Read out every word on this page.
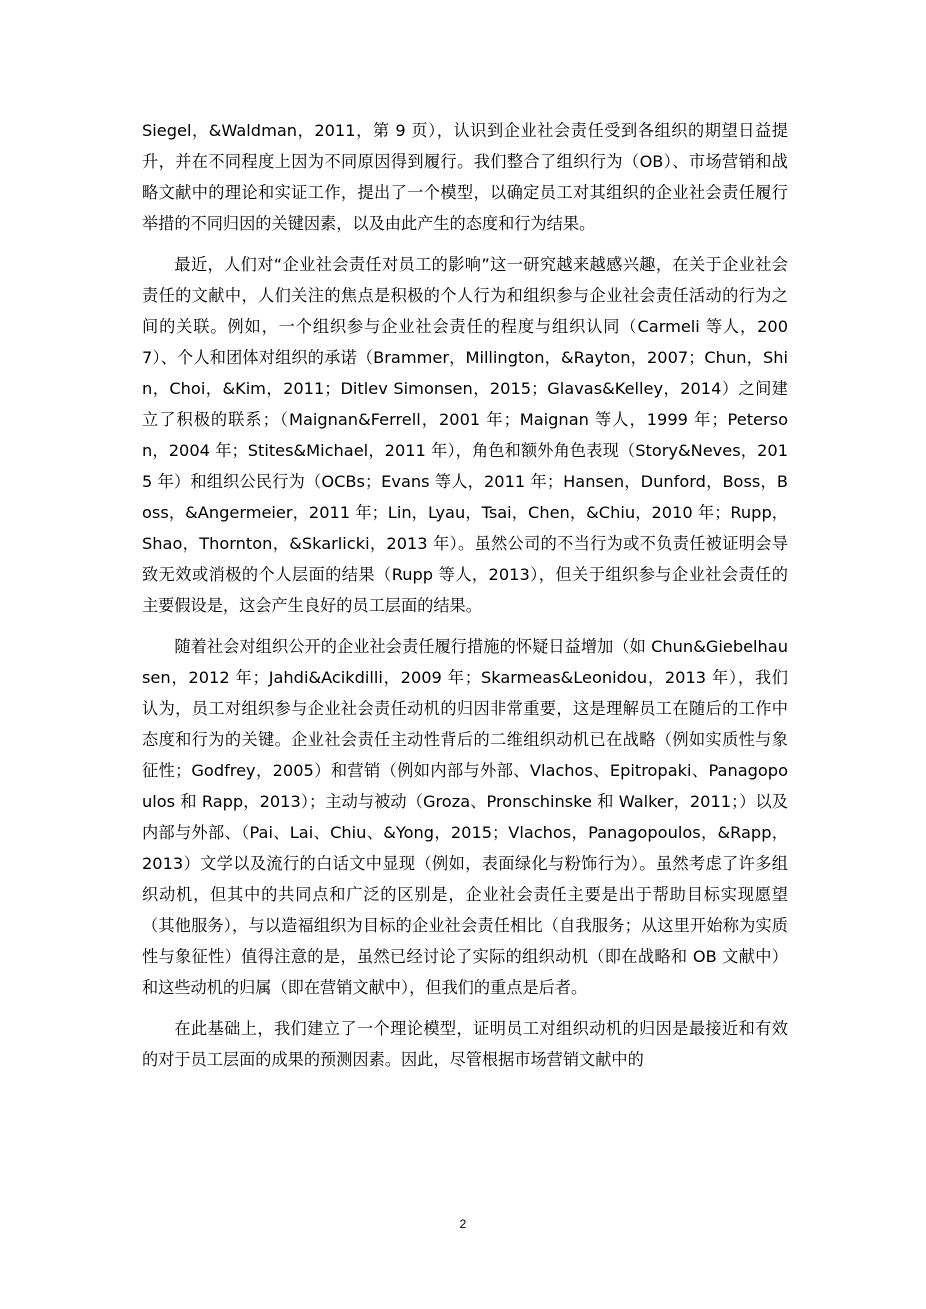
Siegel，&Waldman，2011，第 9 页），认识到企业社会责任受到各组织的期望日益提升，并在不同程度上因为不同原因得到履行。我们整合了组织行为（OB）、市场营销和战略文献中的理论和实证工作，提出了一个模型，以确定员工对其组织的企业社会责任履行举措的不同归因的关键因素，以及由此产生的态度和行为结果。

最近，人们对“企业社会责任对员工的影响”这一研究越来越感兴趣，在关于企业社会责任的文献中，人们关注的焦点是积极的个人行为和组织参与企业社会责任活动的行为之间的关联。例如，一个组织参与企业社会责任的程度与组织认同（Carmeli 等人，2007）、个人和团体对组织的承诺（Brammer，Millington，&Rayton，2007；Chun，Shin，Choi，&Kim，2011；Ditlev Simonsen，2015；Glavas&Kelley，2014）之间建立了积极的联系；（Maignan&Ferrell，2001 年；Maignan 等人，1999 年；Peterson，2004 年；Stites&Michael，2011 年），角色和额外角色表现（Story&Neves，2015 年）和组织公民行为（OCBs；Evans 等人，2011 年；Hansen，Dunford，Boss，Boss，&Angermeier，2011 年；Lin，Lyau，Tsai，Chen，&Chiu，2010 年；Rupp，Shao，Thornton，&Skarlicki，2013 年）。虽然公司的不当行为或不负责任被证明会导致无效或消极的个人层面的结果（Rupp 等人，2013），但关于组织参与企业社会责任的主要假设是，这会产生良好的员工层面的结果。

随着社会对组织公开的企业社会责任履行措施的怀疑日益增加（如 Chun&Giebelhausen，2012 年；Jahdi&Acikdilli，2009 年；Skarmeas&Leonidou，2013 年），我们认为，员工对组织参与企业社会责任动机的归因非常重要，这是理解员工在随后的工作中态度和行为的关键。企业社会责任主动性背后的二维组织动机已在战略（例如实质性与象征性；Godfrey，2005）和营销（例如内部与外部、Vlachos、Epitropaki、Panagopoulos 和 Rapp，2013）；主动与被动（Groza、Pronschinske 和 Walker，2011；）以及内部与外部、（Pai、Lai、Chiu、&Yong，2015；Vlachos，Panagopoulos，&Rapp，2013）文学以及流行的白话文中显现（例如，表面绿化与粉饰行为）。虽然考虑了许多组织动机，但其中的共同点和广泛的区别是，企业社会责任主要是出于帮助目标实现愿望（其他服务），与以造福组织为目标的企业社会责任相比（自我服务；从这里开始称为实质性与象征性）值得注意的是，虽然已经讨论了实际的组织动机（即在战略和 OB 文献中）和这些动机的归属（即在营销文献中），但我们的重点是后者。

在此基础上，我们建立了一个理论模型，证明员工对组织动机的归因是最接近和有效的对于员工层面的成果的预测因素。因此，尽管根据市场营销文献中的

2
